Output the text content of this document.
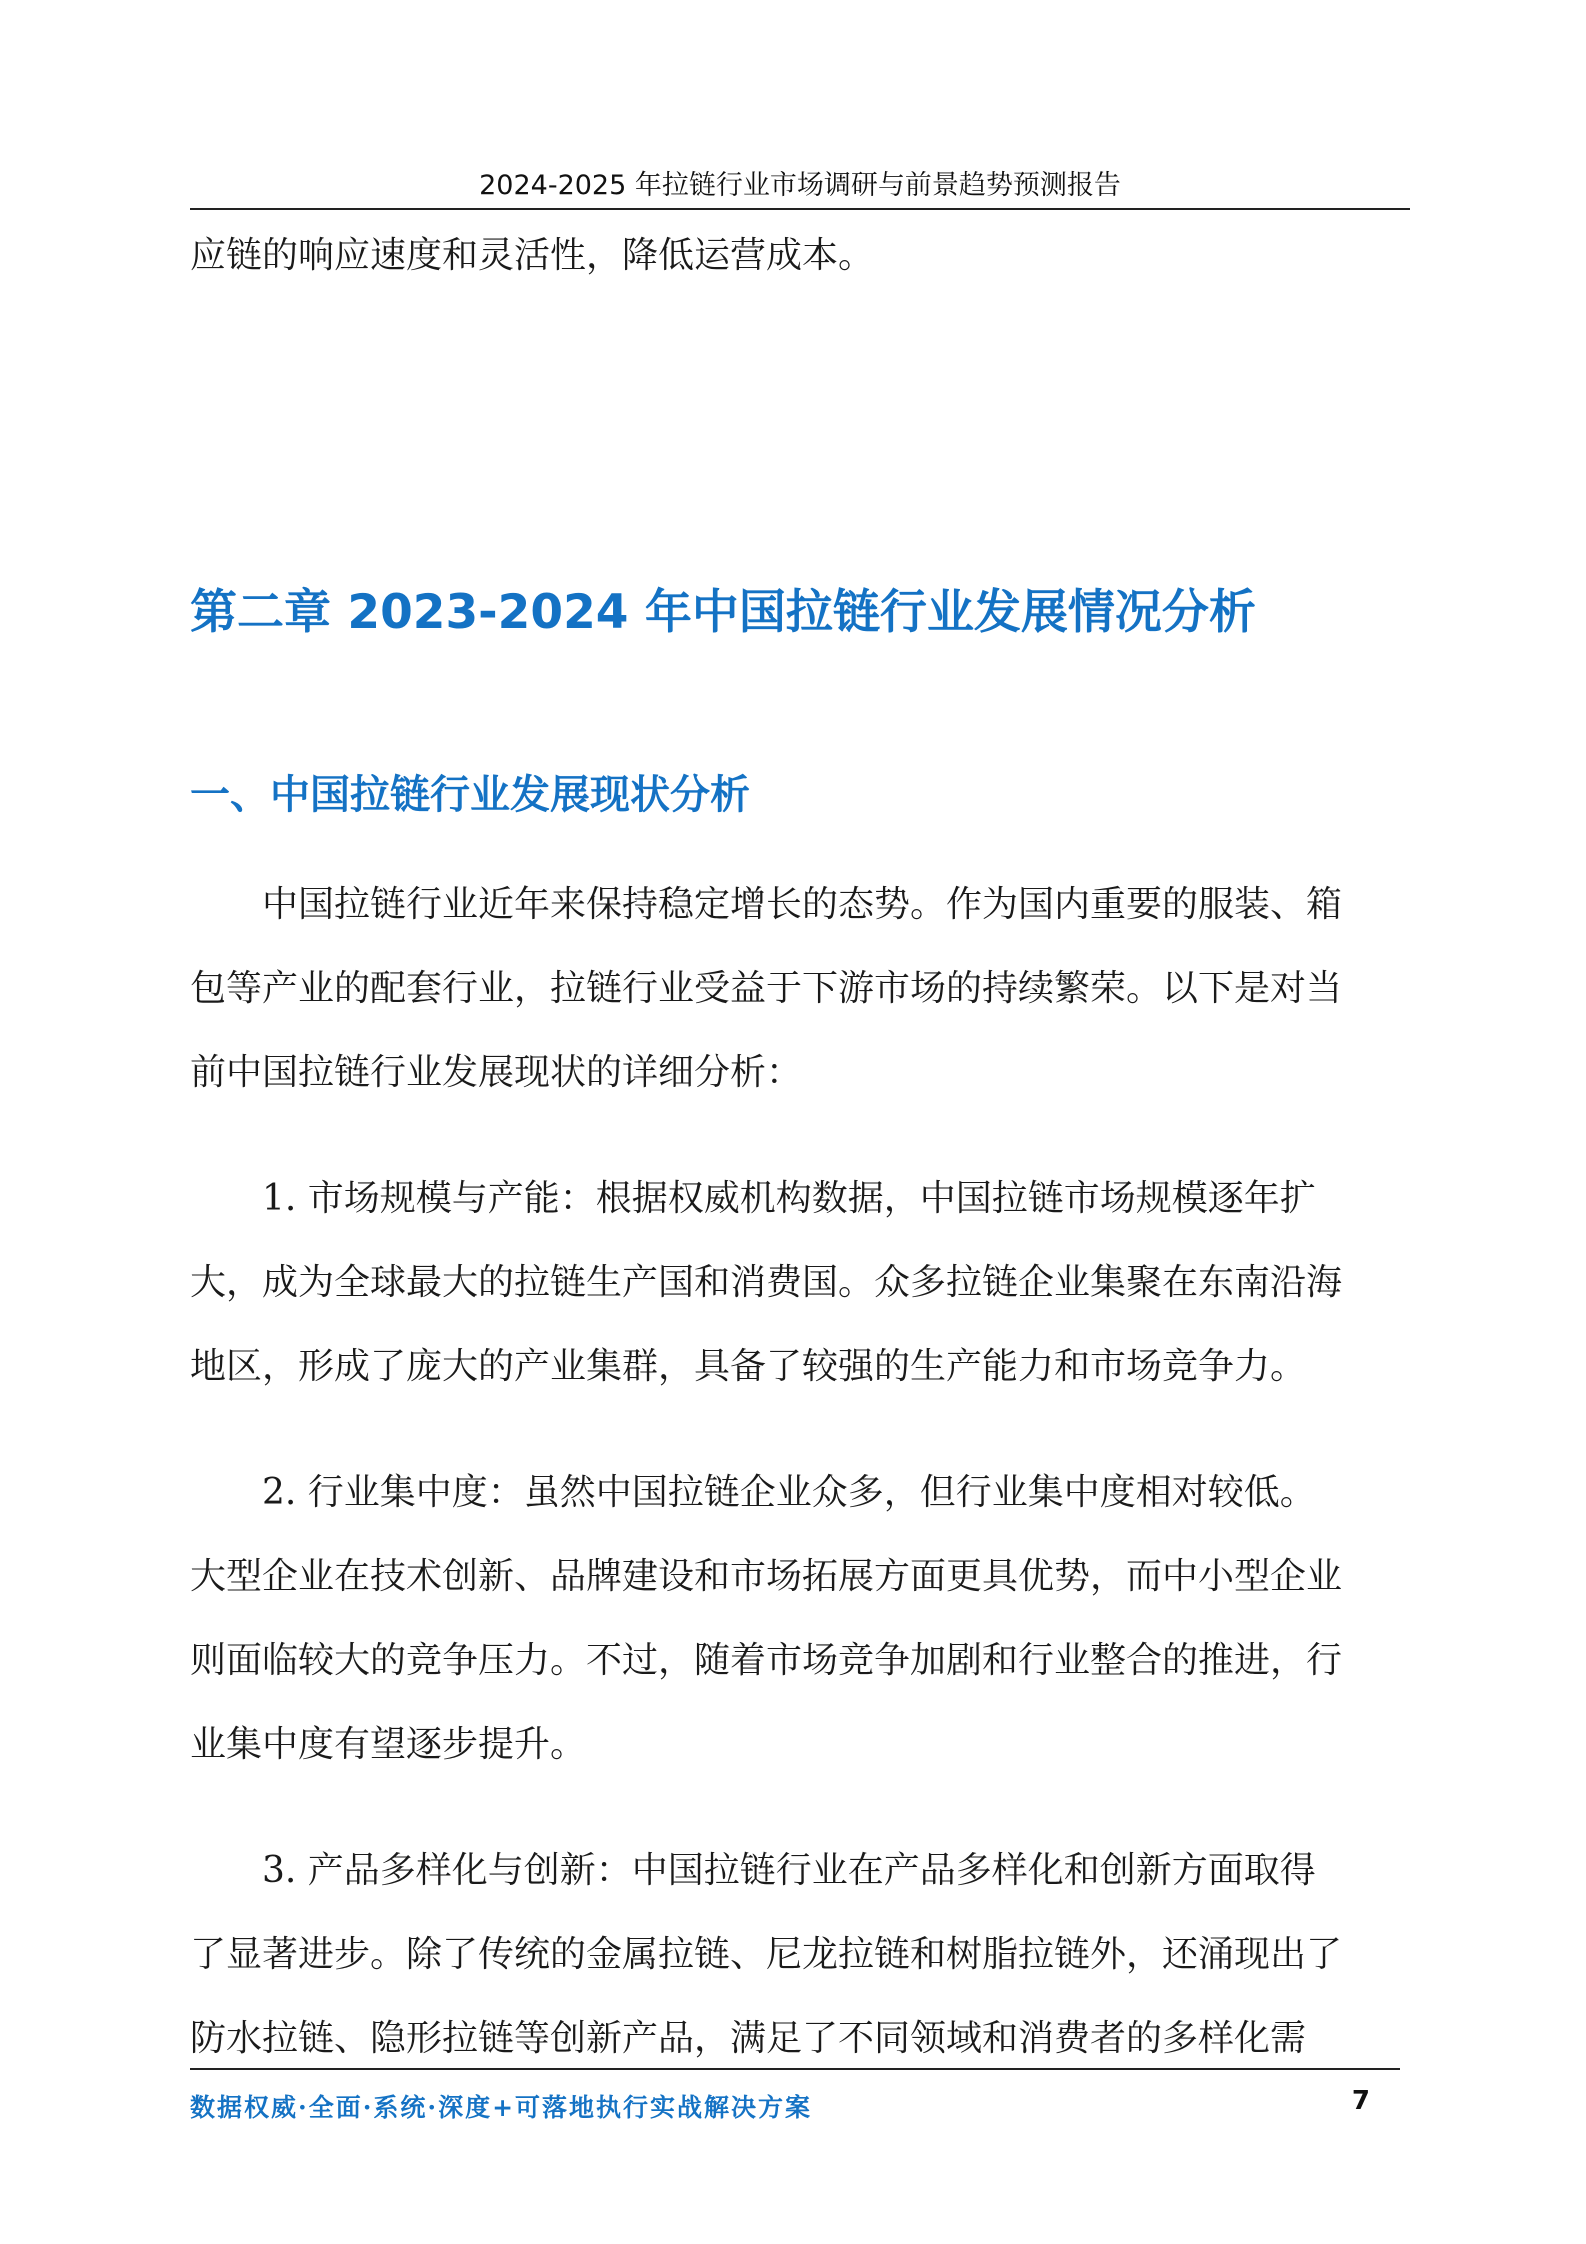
2024-2025 年拉链行业市场调研与前景趋势预测报告

应链的响应速度和灵活性，降低运营成本。

第二章 2023-2024 年中国拉链行业发展情况分析
一、中国拉链行业发展现状分析

中国拉链行业近年来保持稳定增长的态势。作为国内重要的服装、箱

包等产业的配套行业，拉链行业受益于下游市场的持续繁荣。以下是对当

前中国拉链行业发展现状的详细分析：

1. 市场规模与产能：根据权威机构数据，中国拉链市场规模逐年扩

大，成为全球最大的拉链生产国和消费国。众多拉链企业集聚在东南沿海

地区，形成了庞大的产业集群，具备了较强的生产能力和市场竞争力。

2. 行业集中度：虽然中国拉链企业众多，但行业集中度相对较低。

大型企业在技术创新、品牌建设和市场拓展方面更具优势，而中小型企业

则面临较大的竞争压力。不过，随着市场竞争加剧和行业整合的推进，行

业集中度有望逐步提升。

3. 产品多样化与创新：中国拉链行业在产品多样化和创新方面取得

了显著进步。除了传统的金属拉链、尼龙拉链和树脂拉链外，还涌现出了

防水拉链、隐形拉链等创新产品，满足了不同领域和消费者的多样化需

数据权威·全面·系统·深度+可落地执行实战解决方案	7
